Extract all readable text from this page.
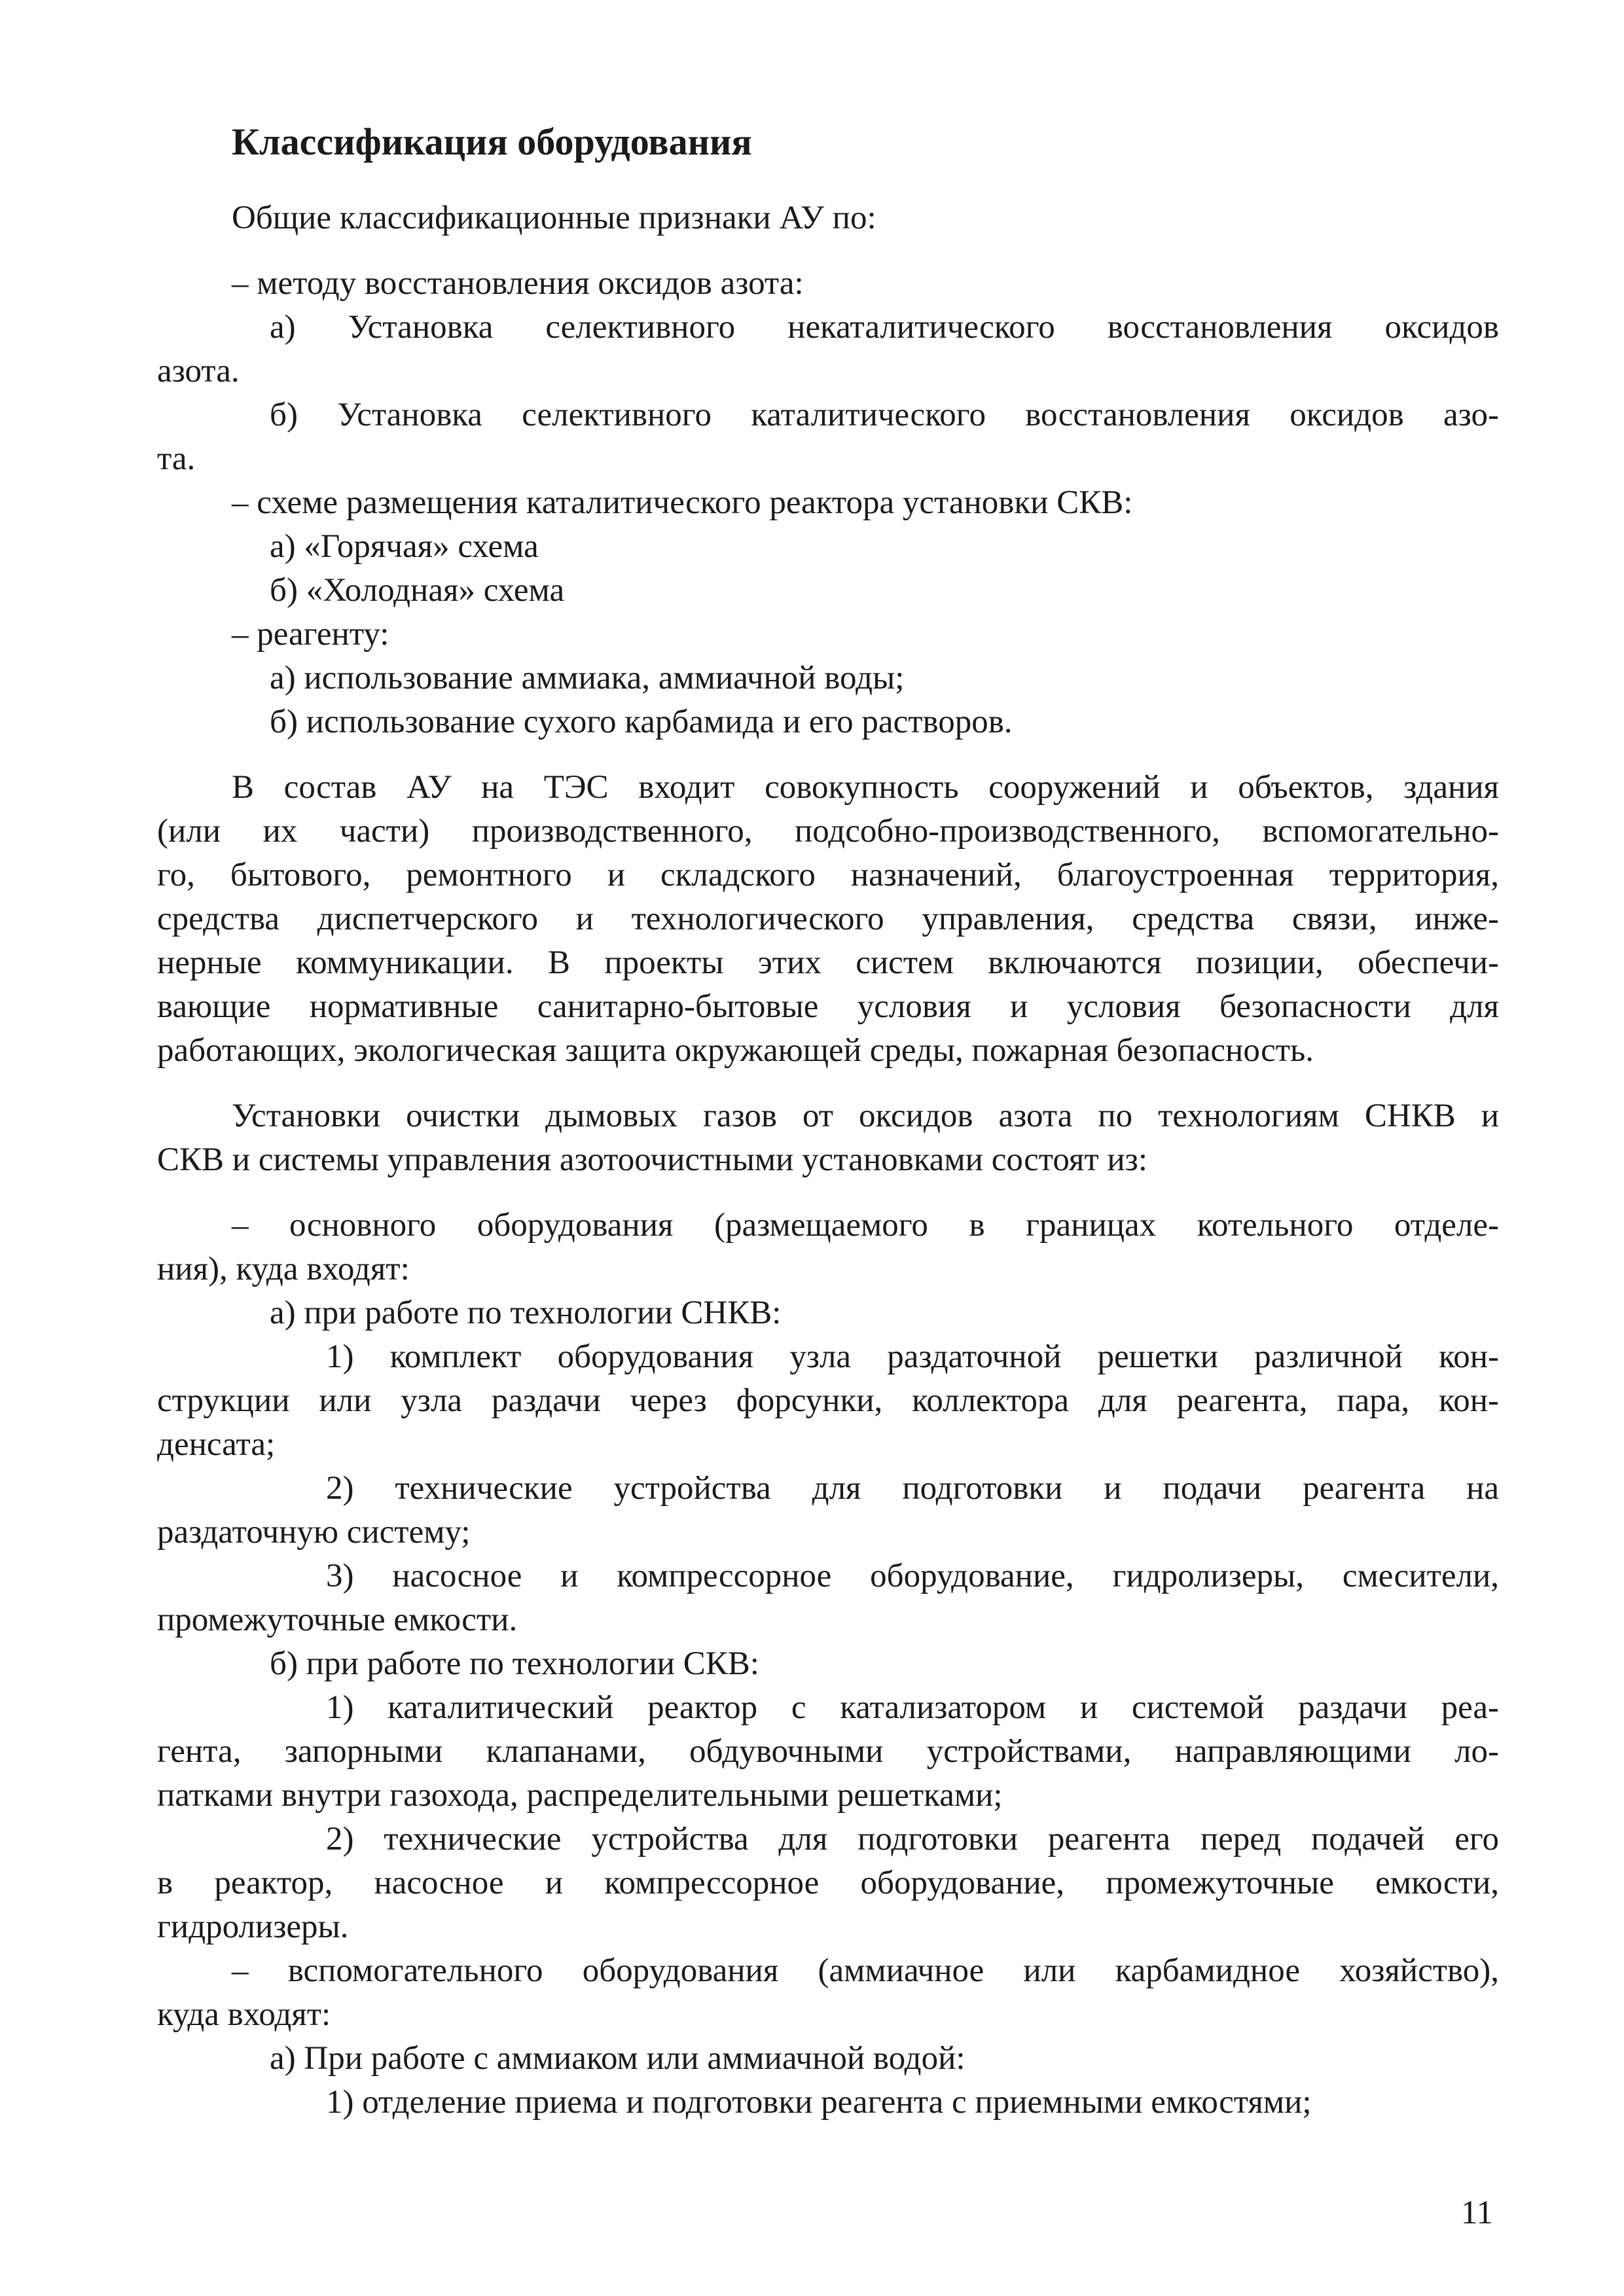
Классификация оборудования
Общие классификационные признаки АУ по:
– методу восстановления оксидов азота:
а) Установка селективного некаталитического восстановления оксидов
азота.
б) Установка селективного каталитического восстановления оксидов азо-
та.
– схеме размещения каталитического реактора установки СКВ:
а) «Горячая» схема
б) «Холодная» схема
– реагенту:
а) использование аммиака, аммиачной воды;
б) использование сухого карбамида и его растворов.
В состав АУ на ТЭС входит совокупность сооружений и объектов, здания
(или их части) производственного, подсобно-производственного, вспомогательно-
го, бытового, ремонтного и складского назначений, благоустроенная территория,
средства диспетчерского и технологического управления, средства связи, инже-
нерные коммуникации. В проекты этих систем включаются позиции, обеспечи-
вающие нормативные санитарно-бытовые условия и условия безопасности для
работающих, экологическая защита окружающей среды, пожарная безопасность.
Установки очистки дымовых газов от оксидов азота по технологиям СНКВ и
СКВ и системы управления азотоочистными установками состоят из:
– основного оборудования (размещаемого в границах котельного отделе-
ния), куда входят:
а) при работе по технологии СНКВ:
1) комплект оборудования узла раздаточной решетки различной кон-
струкции или узла раздачи через форсунки, коллектора для реагента, пара, кон-
денсата;
2) технические устройства для подготовки и подачи реагента на
раздаточную систему;
3) насосное и компрессорное оборудование, гидролизеры, смесители,
промежуточные емкости.
б) при работе по технологии СКВ:
1) каталитический реактор с катализатором и системой раздачи реа-
гента, запорными клапанами, обдувочными устройствами, направляющими ло-
патками внутри газохода, распределительными решетками;
2) технические устройства для подготовки реагента перед подачей его
в реактор, насосное и компрессорное оборудование, промежуточные емкости,
гидролизеры.
– вспомогательного оборудования (аммиачное или карбамидное хозяйство),
куда входят:
а) При работе с аммиаком или аммиачной водой:
1) отделение приема и подготовки реагента с приемными емкостями;
11
